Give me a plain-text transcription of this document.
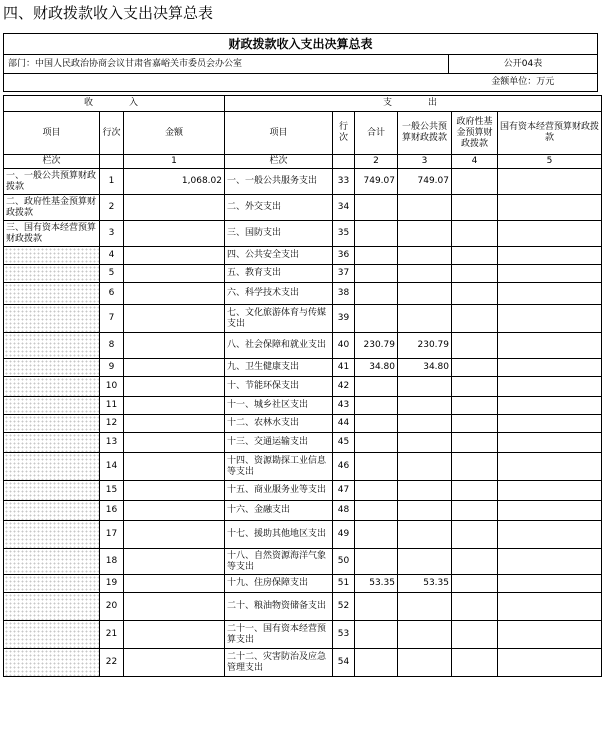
四、财政拨款收入支出决算总表
财政拨款收入支出决算总表	
部门：中国人民政治协商会议甘肃省嘉峪关市委员会办公室	公开04表
	金额单位：万元
收　　入			支　　出					
项目	行次	金额	项目	行次	合计	一般公共预算财政拨款	政府性基金预算财政拨款	国有资本经营预算财政拨款
栏次		1	栏次		2	3	4	5
一、一般公共预算财政拨款	1	1,068.02	一、一般公共服务支出	33	749.07	749.07		
二、政府性基金预算财政拨款	2		二、外交支出	34				
三、国有资本经营预算财政拨款	3		三、国防支出	35				
	4		四、公共安全支出	36				
	5		五、教育支出	37				
	6		六、科学技术支出	38				
	7		七、文化旅游体育与传媒支出	39				
	8		八、社会保障和就业支出	40	230.79	230.79		
	9		九、卫生健康支出	41	34.80	34.80		
	10		十、节能环保支出	42				
	11		十一、城乡社区支出	43				
	12		十二、农林水支出	44				
	13		十三、交通运输支出	45				
	14		十四、资源勘探工业信息等支出	46				
	15		十五、商业服务业等支出	47				
	16		十六、金融支出	48				
	17		十七、援助其他地区支出	49				
	18		十八、自然资源海洋气象等支出	50				
	19		十九、住房保障支出	51	53.35	53.35		
	20		二十、粮油物资储备支出	52				
	21		二十一、国有资本经营预算支出	53				
	22		二十二、灾害防治及应急管理支出	54				
